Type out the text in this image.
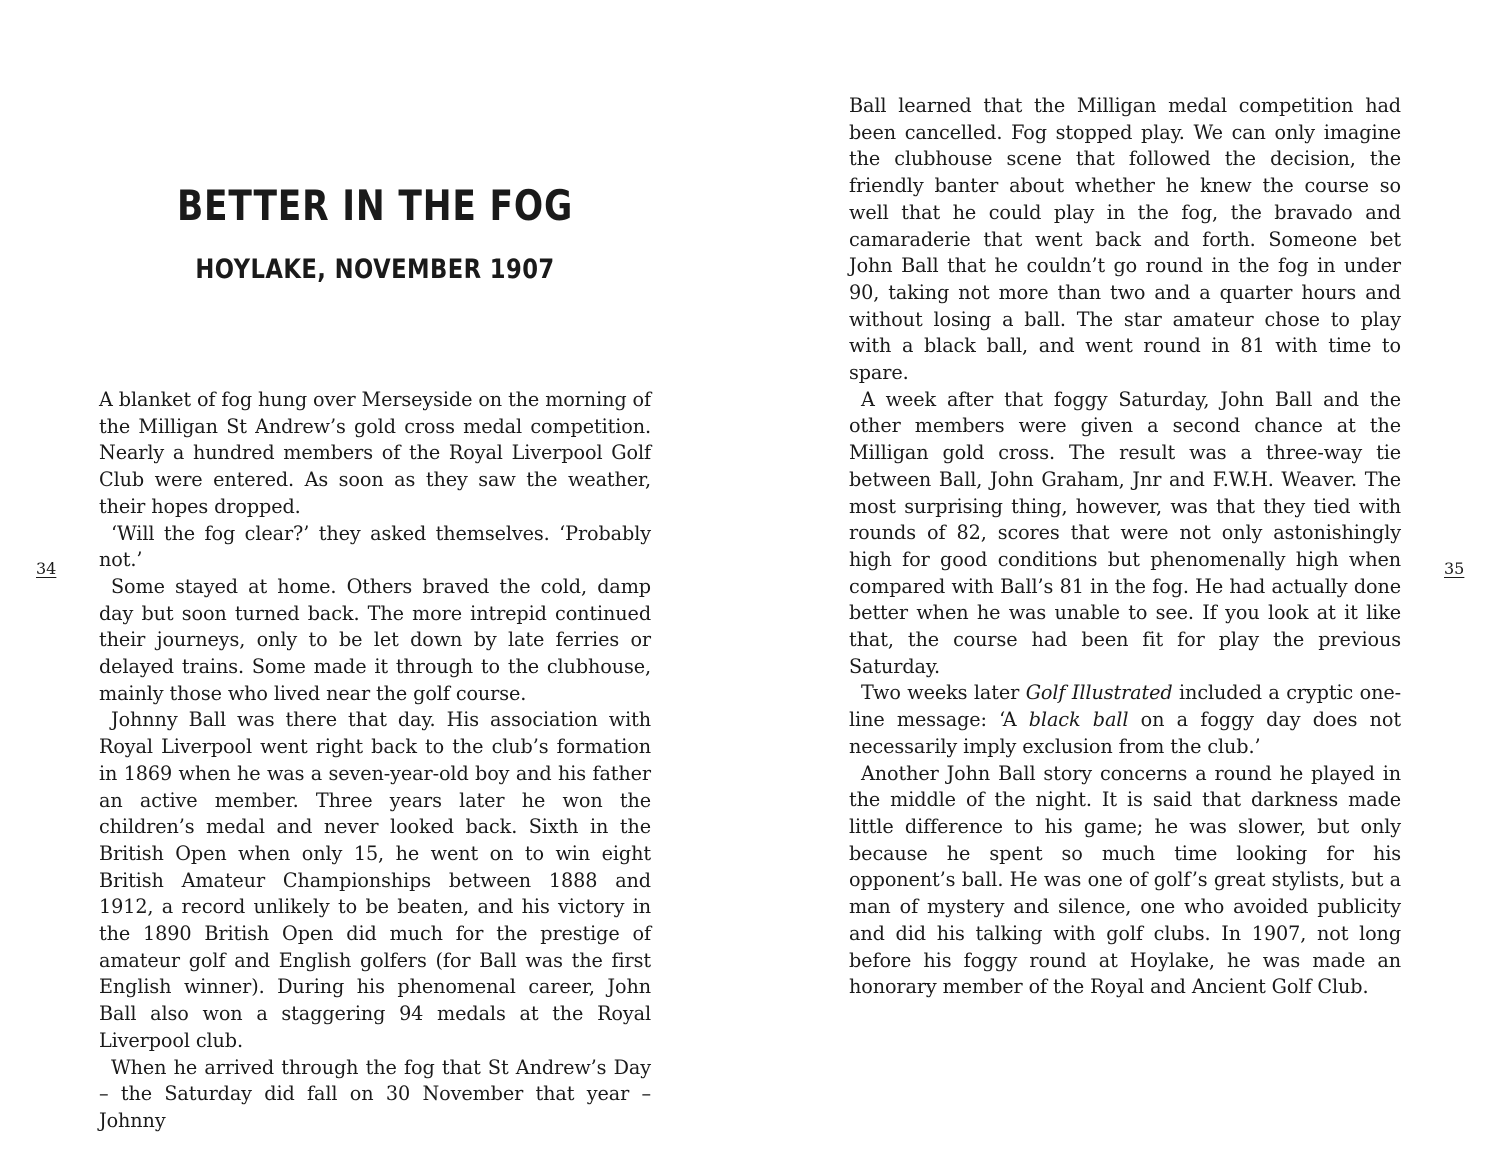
BETTER IN THE FOG
HOYLAKE, NOVEMBER 1907
34

A blanket of fog hung over Merseyside on the morning of the Milligan St Andrew’s gold cross medal competition. Nearly a hundred members of the Royal Liverpool Golf Club were entered. As soon as they saw the weather, their hopes dropped.

‘Will the fog clear?’ they asked themselves. ‘Probably not.’

Some stayed at home. Others braved the cold, damp day but soon turned back. The more intrepid continued their journeys, only to be let down by late ferries or delayed trains. Some made it through to the clubhouse, mainly those who lived near the golf course.

Johnny Ball was there that day. His association with Royal Liverpool went right back to the club’s formation in 1869 when he was a seven-year-old boy and his father an active member. Three years later he won the children’s medal and never looked back. Sixth in the British Open when only 15, he went on to win eight British Amateur Championships between 1888 and 1912, a record unlikely to be beaten, and his victory in the 1890 British Open did much for the prestige of amateur golf and English golfers (for Ball was the first English winner). During his phenomenal career, John Ball also won a staggering 94 medals at the Royal Liverpool club.

When he arrived through the fog that St Andrew’s Day – the Saturday did fall on 30 November that year – Johnny

35

Ball learned that the Milligan medal competition had been cancelled. Fog stopped play. We can only imagine the clubhouse scene that followed the decision, the friendly banter about whether he knew the course so well that he could play in the fog, the bravado and camaraderie that went back and forth. Someone bet John Ball that he couldn’t go round in the fog in under 90, taking not more than two and a quarter hours and without losing a ball. The star amateur chose to play with a black ball, and went round in 81 with time to spare.

A week after that foggy Saturday, John Ball and the other members were given a second chance at the Milligan gold cross. The result was a three-way tie between Ball, John Graham, Jnr and F.W.H. Weaver. The most surprising thing, however, was that they tied with rounds of 82, scores that were not only astonishingly high for good conditions but phenomenally high when compared with Ball’s 81 in the fog. He had actually done better when he was unable to see. If you look at it like that, the course had been fit for play the previous Saturday.

Two weeks later Golf Illustrated included a cryptic one-line message: ‘A black ball on a foggy day does not necessarily imply exclusion from the club.’

Another John Ball story concerns a round he played in the middle of the night. It is said that darkness made little difference to his game; he was slower, but only because he spent so much time looking for his opponent’s ball. He was one of golf’s great stylists, but a man of mystery and silence, one who avoided publicity and did his talking with golf clubs. In 1907, not long before his foggy round at Hoylake, he was made an honorary member of the Royal and Ancient Golf Club.
